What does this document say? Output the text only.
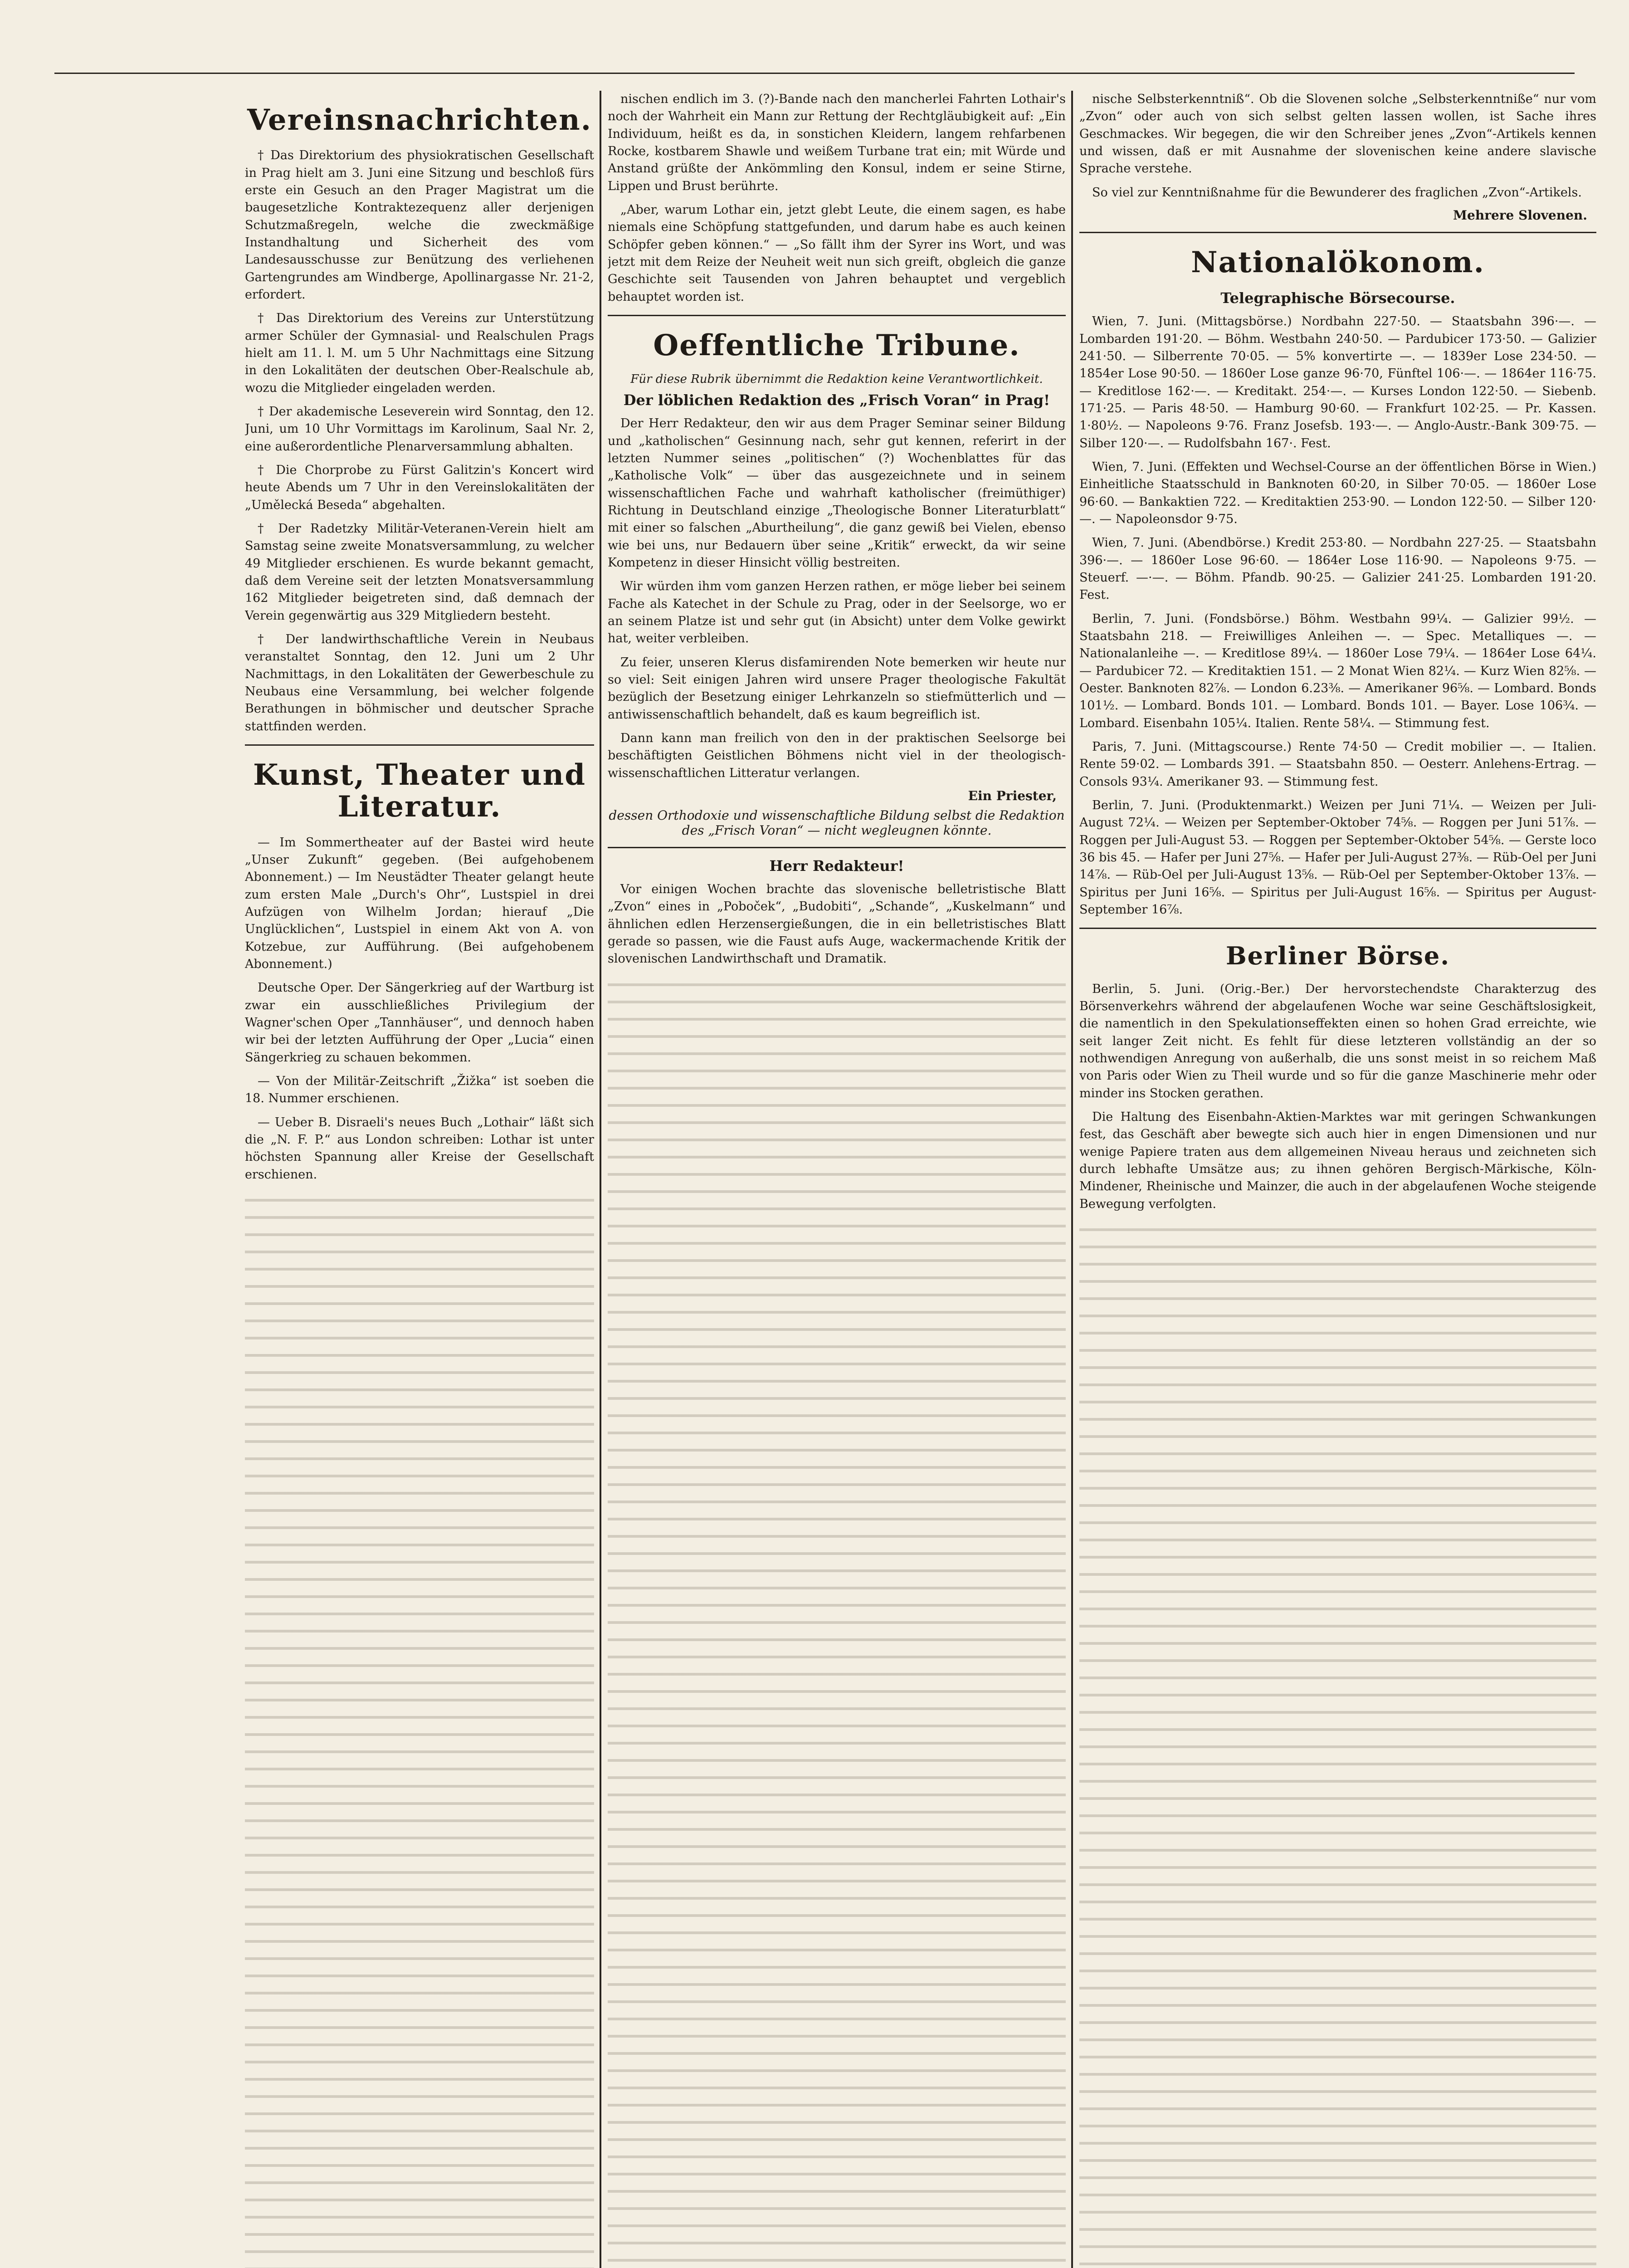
Vereinsnachrichten.

† Das Direktorium des physiokratischen Gesellschaft in Prag hielt am 3. Juni eine Sitzung und beschloß fürs erste ein Gesuch an den Prager Magistrat um die baugesetzliche Kontraktezequenz aller derjenigen Schutzmaßregeln, welche die zweckmäßige Instandhaltung und Sicherheit des vom Landesausschusse zur Benützung des verliehenen Gartengrundes am Windberge, Apollinargasse Nr. 21-2, erfordert.

† Das Direktorium des Vereins zur Unterstützung armer Schüler der Gymnasial- und Realschulen Prags hielt am 11. l. M. um 5 Uhr Nachmittags eine Sitzung in den Lokalitäten der deutschen Ober-Realschule ab, wozu die Mitglieder eingeladen werden.

† Der akademische Leseverein wird Sonntag, den 12. Juni, um 10 Uhr Vormittags im Karolinum, Saal Nr. 2, eine außerordentliche Plenarversammlung abhalten.

† Die Chorprobe zu Fürst Galitzin's Koncert wird heute Abends um 7 Uhr in den Vereinslokalitäten der „Umělecká Beseda“ abgehalten.

† Der Radetzky Militär-Veteranen-Verein hielt am Samstag seine zweite Monatsversammlung, zu welcher 49 Mitglieder erschienen. Es wurde bekannt gemacht, daß dem Vereine seit der letzten Monatsversammlung 162 Mitglieder beigetreten sind, daß demnach der Verein gegenwärtig aus 329 Mitgliedern besteht.

† Der landwirthschaftliche Verein in Neubaus veranstaltet Sonntag, den 12. Juni um 2 Uhr Nachmittags, in den Lokalitäten der Gewerbeschule zu Neubaus eine Versammlung, bei welcher folgende Berathungen in böhmischer und deutscher Sprache stattfinden werden.

Kunst, Theater und Literatur.

— Im Sommertheater auf der Bastei wird heute „Unser Zukunft“ gegeben. (Bei aufgehobenem Abonnement.) — Im Neustädter Theater gelangt heute zum ersten Male „Durch's Ohr“, Lustspiel in drei Aufzügen von Wilhelm Jordan; hierauf „Die Unglücklichen“, Lustspiel in einem Akt von A. von Kotzebue, zur Aufführung. (Bei aufgehobenem Abonnement.)

Deutsche Oper. Der Sängerkrieg auf der Wartburg ist zwar ein ausschließliches Privilegium der Wagner'schen Oper „Tannhäuser“, und dennoch haben wir bei der letzten Aufführung der Oper „Lucia“ einen Sängerkrieg zu schauen bekommen.

— Von der Militär-Zeitschrift „Žižka“ ist soeben die 18. Nummer erschienen.

— Ueber B. Disraeli's neues Buch „Lothair“ läßt sich die „N. F. P.“ aus London schreiben: Lothar ist unter höchsten Spannung aller Kreise der Gesellschaft erschienen.

nischen endlich im 3. (?)-Bande nach den mancherlei Fahrten Lothair's noch der Wahrheit ein Mann zur Rettung der Rechtgläubigkeit auf: „Ein Individuum, heißt es da, in sonstichen Kleidern, langem rehfarbenen Rocke, kostbarem Shawle und weißem Turbane trat ein; mit Würde und Anstand grüßte der Ankömmling den Konsul, indem er seine Stirne, Lippen und Brust berührte.

„Aber, warum Lothar ein, jetzt glebt Leute, die einem sagen, es habe niemals eine Schöpfung stattgefunden, und darum habe es auch keinen Schöpfer geben können.“ — „So fällt ihm der Syrer ins Wort, und was jetzt mit dem Reize der Neuheit weit nun sich greift, obgleich die ganze Geschichte seit Tausenden von Jahren behauptet und vergeblich behauptet worden ist.

Oeffentliche Tribune.
Für diese Rubrik übernimmt die Redaktion keine Verantwortlichkeit.
Der löblichen Redaktion des „Frisch Voran“ in Prag!

Der Herr Redakteur, den wir aus dem Prager Seminar seiner Bildung und „katholischen“ Gesinnung nach, sehr gut kennen, referirt in der letzten Nummer seines „politischen“ (?) Wochenblattes für das „Katholische Volk“ — über das ausgezeichnete und in seinem wissenschaftlichen Fache und wahrhaft katholischer (freimüthiger) Richtung in Deutschland einzige „Theologische Bonner Literaturblatt“ mit einer so falschen „Aburtheilung“, die ganz gewiß bei Vielen, ebenso wie bei uns, nur Bedauern über seine „Kritik“ erweckt, da wir seine Kompetenz in dieser Hinsicht völlig bestreiten.

Wir würden ihm vom ganzen Herzen rathen, er möge lieber bei seinem Fache als Katechet in der Schule zu Prag, oder in der Seelsorge, wo er an seinem Platze ist und sehr gut (in Absicht) unter dem Volke gewirkt hat, weiter verbleiben.

Zu feier, unseren Klerus disfamirenden Note bemerken wir heute nur so viel: Seit einigen Jahren wird unsere Prager theologische Fakultät bezüglich der Besetzung einiger Lehrkanzeln so stiefmütterlich und — antiwissenschaftlich behandelt, daß es kaum begreiflich ist.

Dann kann man freilich von den in der praktischen Seelsorge bei beschäftigten Geistlichen Böhmens nicht viel in der theologisch-wissenschaftlichen Litteratur verlangen.

Ein Priester,
dessen Orthodoxie und wissenschaftliche Bildung selbst die Redaktion des „Frisch Voran“ — nicht wegleugnen könnte.
Herr Redakteur!

Vor einigen Wochen brachte das slovenische belletristische Blatt „Zvon“ eines in „Poboček“, „Budobiti“, „Schande“, „Kuskelmann“ und ähnlichen edlen Herzensergießungen, die in ein belletristisches Blatt gerade so passen, wie die Faust aufs Auge, wackermachende Kritik der slovenischen Landwirthschaft und Dramatik.

nische Selbsterkenntniß“. Ob die Slovenen solche „Selbsterkenntniße“ nur vom „Zvon“ oder auch von sich selbst gelten lassen wollen, ist Sache ihres Geschmackes. Wir begegen, die wir den Schreiber jenes „Zvon“-Artikels kennen und wissen, daß er mit Ausnahme der slovenischen keine andere slavische Sprache verstehe.

So viel zur Kenntnißnahme für die Bewunderer des fraglichen „Zvon“-Artikels.

Mehrere Slovenen.
Nationalökonom.
Telegraphische Börsecourse.

Wien, 7. Juni. (Mittagsbörse.) Nordbahn 227·50. — Staatsbahn 396·—. — Lombarden 191·20. — Böhm. Westbahn 240·50. — Pardubicer 173·50. — Galizier 241·50. — Silberrente 70·05. — 5% konvertirte —. — 1839er Lose 234·50. — 1854er Lose 90·50. — 1860er Lose ganze 96·70, Fünftel 106·—. — 1864er 116·75. — Kreditlose 162·—. — Kreditakt. 254·—. — Kurses London 122·50. — Siebenb. 171·25. — Paris 48·50. — Hamburg 90·60. — Frankfurt 102·25. — Pr. Kassen. 1·80½. — Napoleons 9·76. Franz Josefsb. 193·—. — Anglo-Austr.-Bank 309·75. — Silber 120·—. — Rudolfsbahn 167·. Fest.

Wien, 7. Juni. (Effekten und Wechsel-Course an der öffentlichen Börse in Wien.) Einheitliche Staatsschuld in Banknoten 60·20, in Silber 70·05. — 1860er Lose 96·60. — Bankaktien 722. — Kreditaktien 253·90. — London 122·50. — Silber 120·—. — Napoleonsdor 9·75.

Wien, 7. Juni. (Abendbörse.) Kredit 253·80. — Nordbahn 227·25. — Staatsbahn 396·—. — 1860er Lose 96·60. — 1864er Lose 116·90. — Napoleons 9·75. — Steuerf. —·—. — Böhm. Pfandb. 90·25. — Galizier 241·25. Lombarden 191·20. Fest.

Berlin, 7. Juni. (Fondsbörse.) Böhm. Westbahn 99¼. — Galizier 99½. — Staatsbahn 218. — Freiwilliges Anleihen —. — Spec. Metalliques —. — Nationalanleihe —. — Kreditlose 89¼. — 1860er Lose 79¼. — 1864er Lose 64¼. — Pardubicer 72. — Kreditaktien 151. — 2 Monat Wien 82¼. — Kurz Wien 82⅝. — Oester. Banknoten 82⅞. — London 6.23⅜. — Amerikaner 96⅝. — Lombard. Bonds 101½. — Lombard. Bonds 101. — Lombard. Bonds 101. — Bayer. Lose 106¾. — Lombard. Eisenbahn 105¼. Italien. Rente 58¼. — Stimmung fest.

Paris, 7. Juni. (Mittagscourse.) Rente 74·50 — Credit mobilier —. — Italien. Rente 59·02. — Lombards 391. — Staatsbahn 850. — Oesterr. Anlehens-Ertrag. — Consols 93¼. Amerikaner 93. — Stimmung fest.

Berlin, 7. Juni. (Produktenmarkt.) Weizen per Juni 71¼. — Weizen per Juli-August 72¼. — Weizen per September-Oktober 74⅝. — Roggen per Juni 51⅞. — Roggen per Juli-August 53. — Roggen per September-Oktober 54⅝. — Gerste loco 36 bis 45. — Hafer per Juni 27⅝. — Hafer per Juli-August 27⅜. — Rüb-Oel per Juni 14⅞. — Rüb-Oel per Juli-August 13⅝. — Rüb-Oel per September-Oktober 13⅞. — Spiritus per Juni 16⅝. — Spiritus per Juli-August 16⅝. — Spiritus per August-September 16⅞.

Berliner Börse.

Berlin, 5. Juni. (Orig.-Ber.) Der hervorstechendste Charakterzug des Börsenverkehrs während der abgelaufenen Woche war seine Geschäftslosigkeit, die namentlich in den Spekulationseffekten einen so hohen Grad erreichte, wie seit langer Zeit nicht. Es fehlt für diese letzteren vollständig an der so nothwendigen Anregung von außerhalb, die uns sonst meist in so reichem Maß von Paris oder Wien zu Theil wurde und so für die ganze Maschinerie mehr oder minder ins Stocken gerathen.

Die Haltung des Eisenbahn-Aktien-Marktes war mit geringen Schwankungen fest, das Geschäft aber bewegte sich auch hier in engen Dimensionen und nur wenige Papiere traten aus dem allgemeinen Niveau heraus und zeichneten sich durch lebhafte Umsätze aus; zu ihnen gehören Bergisch-Märkische, Köln-Mindener, Rheinische und Mainzer, die auch in der abgelaufenen Woche steigende Bewegung verfolgten.
